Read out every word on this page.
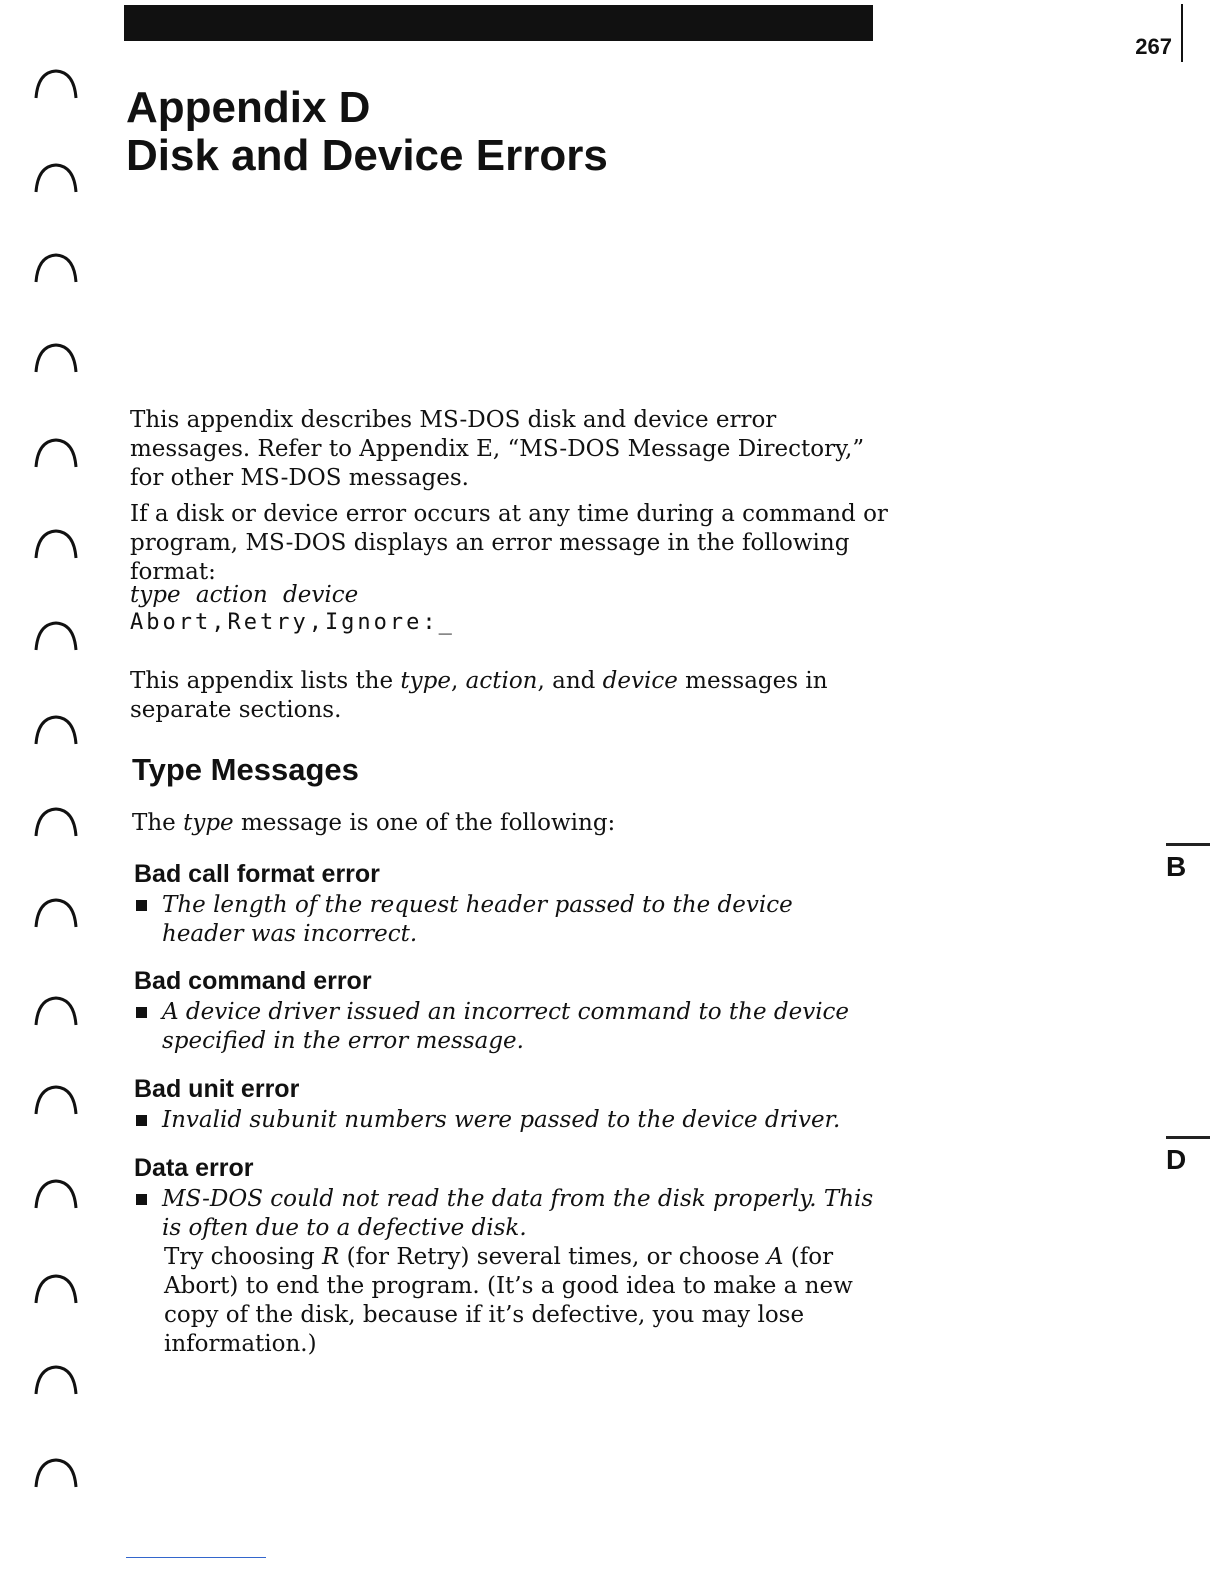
267
Appendix D
Disk and Device Errors

This appendix describes MS-DOS disk and device error messages. Refer to Appendix E, “MS-DOS Message Directory,” for other MS-DOS messages.

If a disk or device error occurs at any time during a command or program, MS-DOS displays an error message in the following format:

type action device
Abort,Retry,Ignore:_

This appendix lists the type, action, and device messages in separate sections.

Type Messages

The type message is one of the following:

Bad call format error

The length of the request header passed to the device header was incorrect.

Bad command error

A device driver issued an incorrect command to the device specified in the error message.

Bad unit error

Invalid subunit numbers were passed to the device driver.

Data error

MS-DOS could not read the data from the disk properly. This is often due to a defective disk.

Try choosing R (for Retry) several times, or choose A (for Abort) to end the program. (It’s a good idea to make a new copy of the disk, because if it’s defective, you may lose information.)

B
D
